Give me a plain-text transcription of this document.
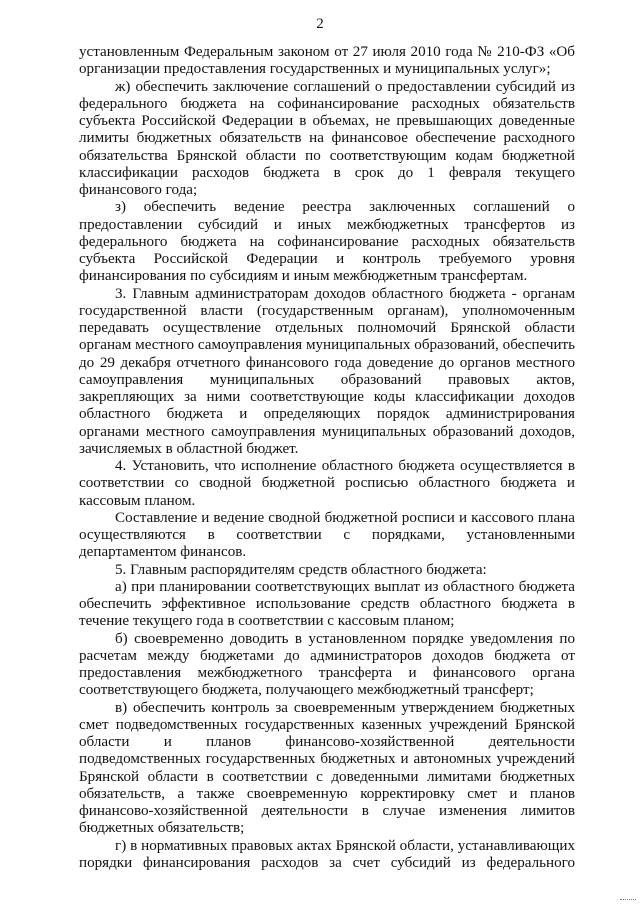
2

установленным Федеральным законом от 27 июля 2010 года № 210-ФЗ «Об организации предоставления государственных и муниципальных услуг»;

ж) обеспечить заключение соглашений о предоставлении субсидий из федерального бюджета на софинансирование расходных обязательств субъекта Российской Федерации в объемах, не превышающих доведенные лимиты бюджетных обязательств на финансовое обеспечение расходного обязательства Брянской области по соответствующим кодам бюджетной классификации расходов бюджета в срок до 1 февраля текущего финансового года;

з) обеспечить ведение реестра заключенных соглашений о предоставлении субсидий и иных межбюджетных трансфертов из федерального бюджета на софинансирование расходных обязательств субъекта Российской Федерации и контроль требуемого уровня финансирования по субсидиям и иным межбюджетным трансфертам.

3. Главным администраторам доходов областного бюджета - органам государственной власти (государственным органам), уполномоченным передавать осуществление отдельных полномочий Брянской области органам местного самоуправления муниципальных образований, обеспечить до 29 декабря отчетного финансового года доведение до органов местного самоуправления муниципальных образований правовых актов, закрепляющих за ними соответствующие коды классификации доходов областного бюджета и определяющих порядок администрирования органами местного самоуправления муниципальных образований доходов, зачисляемых в областной бюджет.

4. Установить, что исполнение областного бюджета осуществляется в соответствии со сводной бюджетной росписью областного бюджета и кассовым планом.

Составление и ведение сводной бюджетной росписи и кассового плана осуществляются в соответствии с порядками, установленными департаментом финансов.

5. Главным распорядителям средств областного бюджета:

а) при планировании соответствующих выплат из областного бюджета обеспечить эффективное использование средств областного бюджета в течение текущего года в соответствии с кассовым планом;

б) своевременно доводить в установленном порядке уведомления по расчетам между бюджетами до администраторов доходов бюджета от предоставления межбюджетного трансферта и финансового органа соответствующего бюджета, получающего межбюджетный трансферт;

в) обеспечить контроль за своевременным утверждением бюджетных смет подведомственных государственных казенных учреждений Брянской области и планов финансово-хозяйственной деятельности подведомственных государственных бюджетных и автономных учреждений Брянской области в соответствии с доведенными лимитами бюджетных обязательств, а также своевременную корректировку смет и планов финансово-хозяйственной деятельности в случае изменения лимитов бюджетных обязательств;

г) в нормативных правовых актах Брянской области, устанавливающих порядки финансирования расходов за счет субсидий из федерального
